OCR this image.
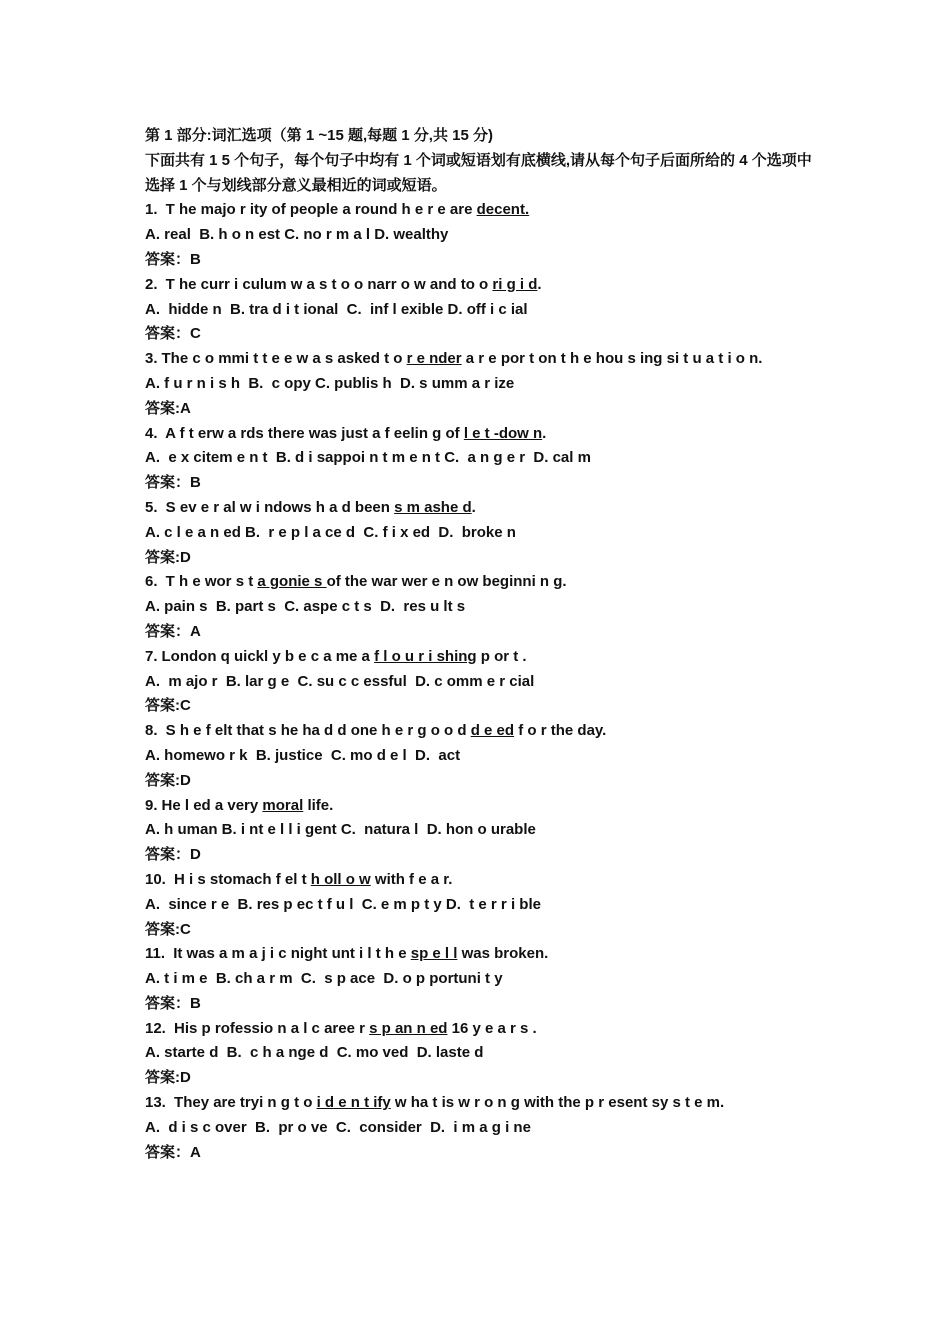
第 1 部分:词汇选项（第 1 ~15 题,每题 1 分,共 15 分)
下面共有 1 5 个句子，每个句子中均有 1 个词或短语划有底横线,请从每个句子后面所给的 4 个选项中选择 1 个与划线部分意义最相近的词或短语。
1. T he majo r ity of people a round h e r e are decent.
A. real  B. h o n est C. no r m a l D. wealthy
答案：B
2. T he curr i culum w a s t o o narr o w and to o ri g i d.
A.  hidde n  B. tra d i t ional  C.  inf l exible D. off i c ial
答案：C
3. The c o mmi t t e e w a s asked t o r e nder a r e por t on t h e hou s ing si t u a t i o n.
A. f u r n i s h  B.  c opy C. publis h  D. s umm a r ize
答案:A
4. A f t erw a rds there was just a f eelin g of l e t -dow n.
A.  e x citem e n t  B. d i sappoi n t m e n t C.  a n g e r  D. cal m
答案：B
5. S ev e r al w i ndows h a d been s m ashe d.
A. c l e a n ed B.  r e p l a ce d  C. f i x ed  D.  broke n
答案:D
6. T h e wor s t a gonie s of the war wer e n ow beginni n g.
A. pain s  B. part s  C. aspe c t s  D.  res u lt s
答案：A
7. London q uickl y b e c a me a f l o u r i shing p or t .
A.  m ajo r  B. lar g e  C. su c c essful  D. c omm e r cial
答案:C
8. S h e f elt that s he ha d d one h e r g o o d d e ed f o r the day.
A. homewo r k  B. justice  C. mo d e l  D.  act
答案:D
9. He l ed a very moral life.
A. h uman B. i nt e l l i gent C.  natura l  D. hon o urable
答案：D
10. H i s stomach f el t h oll o w with f e a r.
A.  since r e  B. res p ec t f u l  C. e m p t y D.  t e r r i ble
答案:C
11. It was a m a j i c night unt i l t h e sp e l l was broken.
A. t i m e  B. ch a r m  C.  s p ace  D. o p portuni t y
答案：B
12. His p rofessio n a l c aree r s p an n ed 16 y e a r s .
A. starte d  B.  c h a nge d  C. mo ved  D. laste d
答案:D
13. They are tryi n g t o i d e n t ify w ha t is w r o n g with the p r esent sy s t e m.
A.  d i s c over  B.  pr o ve  C.  consider  D.  i m a g i ne
答案：A
